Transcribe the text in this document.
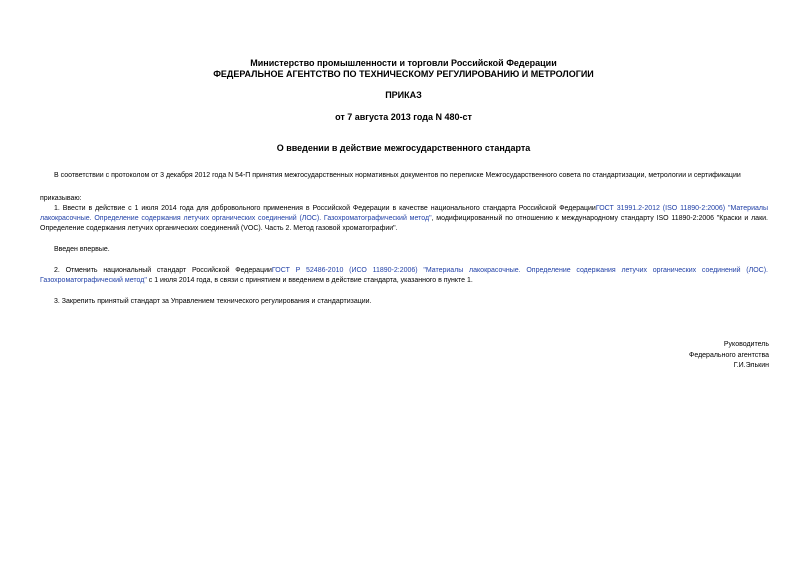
Министерство промышленности и торговли Российской Федерации
ФЕДЕРАЛЬНОЕ АГЕНТСТВО ПО ТЕХНИЧЕСКОМУ РЕГУЛИРОВАНИЮ И МЕТРОЛОГИИ
ПРИКАЗ
от 7 августа 2013 года N 480-ст
О введении в действие межгосударственного стандарта
В соответствии с протоколом от 3 декабря 2012 года N 54-П принятия межгосударственных нормативных документов по переписке Межгосударственного совета по стандартизации, метрологии и сертификации
приказываю:
1. Ввести в действие с 1 июля 2014 года для добровольного применения в Российской Федерации в качестве национального стандарта Российской ФедерацииГОСТ 31991.2-2012 (ISO 11890-2:2006) "Материалы лакокрасочные. Определение содержания летучих органических соединений (ЛОС). Газохроматографический метод", модифицированный по отношению к международному стандарту ISO 11890-2:2006 "Краски и лаки. Определение содержания летучих органических соединений (VOC). Часть 2. Метод газовой хроматографии".
Введен впервые.
2. Отменить национальный стандарт Российской ФедерацииГОСТ Р 52486-2010 (ИСО 11890-2:2006) "Материалы лакокрасочные. Определение содержания летучих органических соединений (ЛОС). Газохроматографический метод" с 1 июля 2014 года, в связи с принятием и введением в действие стандарта, указанного в пункте 1.
3. Закрепить принятый стандарт за Управлением технического регулирования и стандартизации.
Руководитель
Федерального агентства
Г.И.Элькин
